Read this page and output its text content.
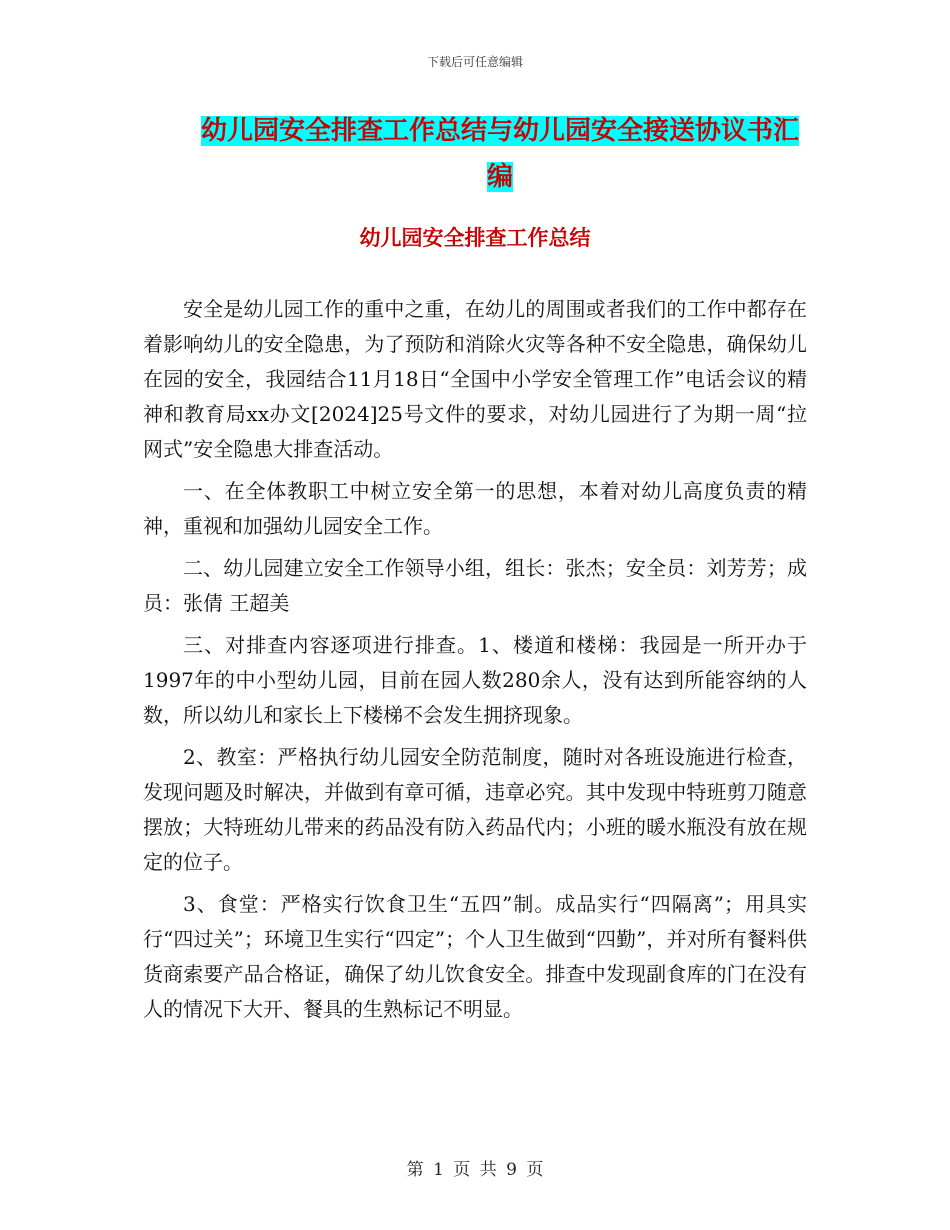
下载后可任意编辑
幼儿园安全排查工作总结与幼儿园安全接送协议书汇
编
幼儿园安全排查工作总结

安全是幼儿园工作的重中之重，在幼儿的周围或者我们的工作中都存在着影响幼儿的安全隐患，为了预防和消除火灾等各种不安全隐患，确保幼儿在园的安全，我园结合11月18日“全国中小学安全管理工作”电话会议的精神和教育局xx办文[2024]25号文件的要求，对幼儿园进行了为期一周“拉网式”安全隐患大排查活动。

一、在全体教职工中树立安全第一的思想，本着对幼儿高度负责的精神，重视和加强幼儿园安全工作。

二、幼儿园建立安全工作领导小组，组长：张杰；安全员：刘芳芳；成员：张倩 王超美

三、对排查内容逐项进行排查。1、楼道和楼梯：我园是一所开办于1997年的中小型幼儿园，目前在园人数280余人，没有达到所能容纳的人数，所以幼儿和家长上下楼梯不会发生拥挤现象。

2、教室：严格执行幼儿园安全防范制度，随时对各班设施进行检查，发现问题及时解决，并做到有章可循，违章必究。其中发现中特班剪刀随意摆放；大特班幼儿带来的药品没有防入药品代内；小班的暖水瓶没有放在规定的位子。

3、食堂：严格实行饮食卫生“五四”制。成品实行“四隔离”；用具实行“四过关”；环境卫生实行“四定”；个人卫生做到“四勤”，并对所有餐料供货商索要产品合格证，确保了幼儿饮食安全。排查中发现副食库的门在没有人的情况下大开、餐具的生熟标记不明显。

第 1 页 共 9 页
